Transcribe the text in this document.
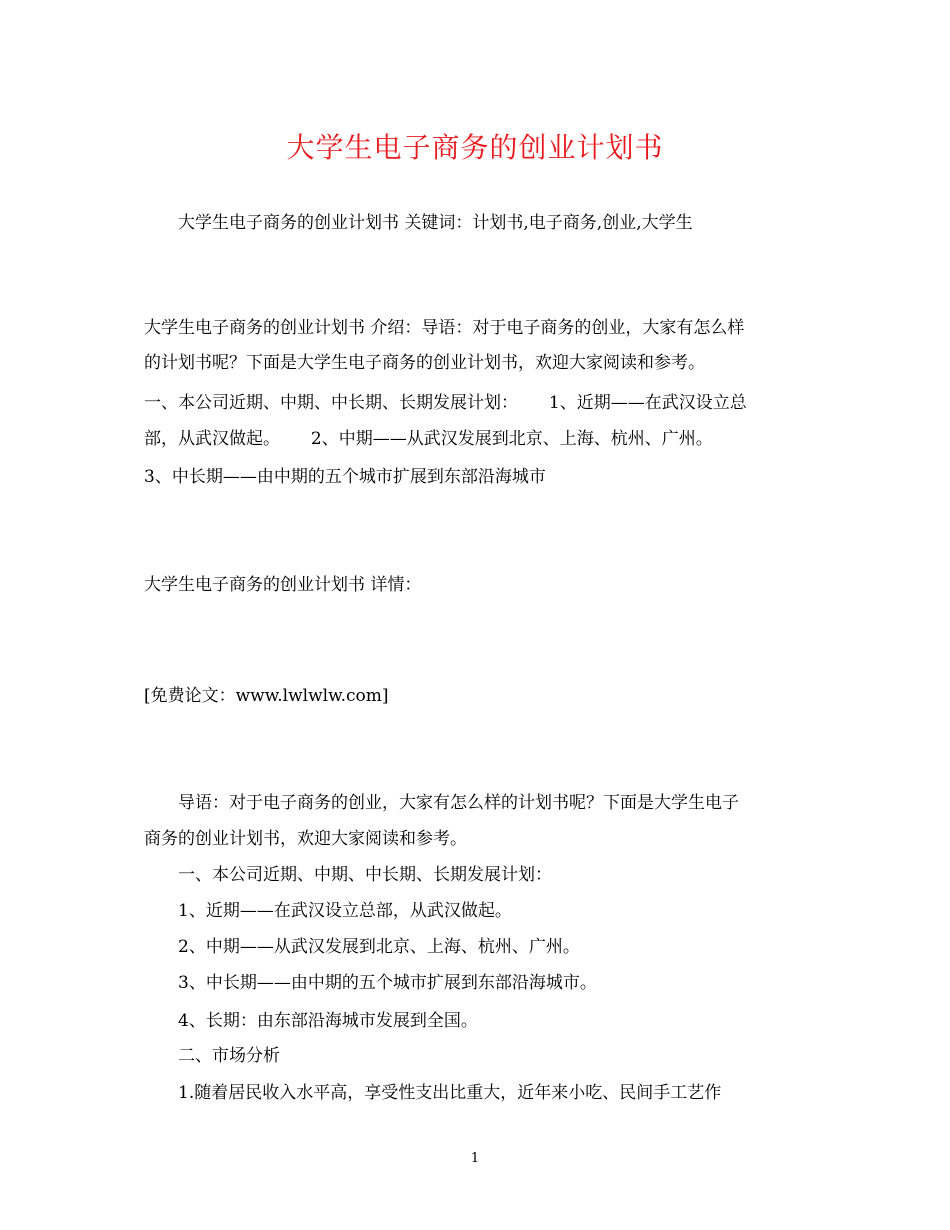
大学生电子商务的创业计划书
大学生电子商务的创业计划书 关键词：计划书,电子商务,创业,大学生
大学生电子商务的创业计划书 介绍：导语：对于电子商务的创业，大家有怎么样
的计划书呢？下面是大学生电子商务的创业计划书，欢迎大家阅读和参考。
一、本公司近期、中期、中长期、长期发展计划：　　 1、近期——在武汉设立总
部，从武汉做起。　　 2、中期——从武汉发展到北京、上海、杭州、广州。
3、中长期——由中期的五个城市扩展到东部沿海城市
大学生电子商务的创业计划书 详情：
[免费论文：www.lwlwlw.com]
导语：对于电子商务的创业，大家有怎么样的计划书呢？下面是大学生电子
商务的创业计划书，欢迎大家阅读和参考。
一、本公司近期、中期、中长期、长期发展计划：
1、近期——在武汉设立总部，从武汉做起。
2、中期——从武汉发展到北京、上海、杭州、广州。
3、中长期——由中期的五个城市扩展到东部沿海城市。
4、长期：由东部沿海城市发展到全国。
二、市场分析
1.随着居民收入水平高，享受性支出比重大，近年来小吃、民间手工艺作
1
